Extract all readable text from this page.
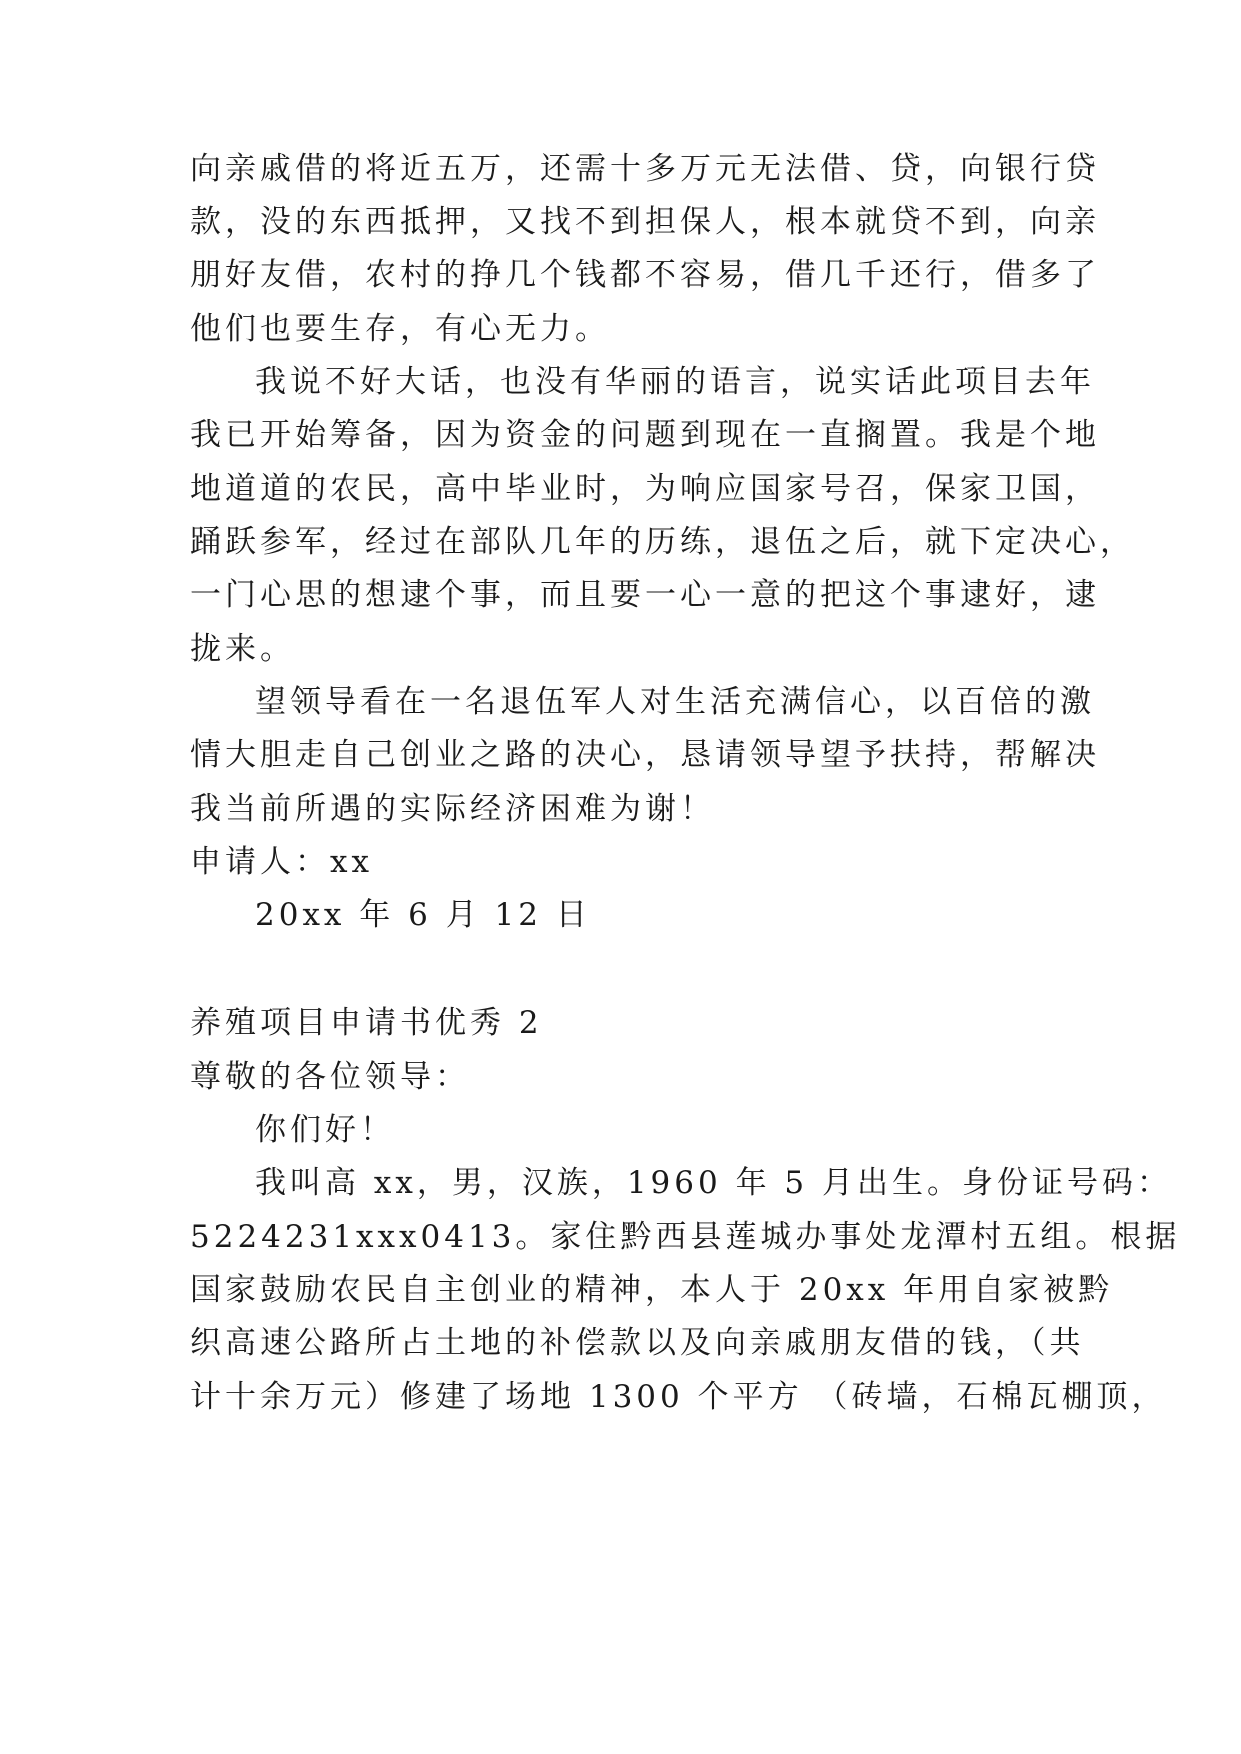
向亲戚借的将近五万，还需十多万元无法借、贷，向银行贷

款，没的东西抵押，又找不到担保人，根本就贷不到，向亲

朋好友借，农村的挣几个钱都不容易，借几千还行，借多了

他们也要生存，有心无力。

我说不好大话，也没有华丽的语言，说实话此项目去年

我已开始筹备，因为资金的问题到现在一直搁置。我是个地

地道道的农民，高中毕业时，为响应国家号召，保家卫国，

踊跃参军，经过在部队几年的历练，退伍之后，就下定决心，

一门心思的想逮个事，而且要一心一意的把这个事逮好，逮

拢来。

望领导看在一名退伍军人对生活充满信心，以百倍的激

情大胆走自己创业之路的决心，恳请领导望予扶持，帮解决

我当前所遇的实际经济困难为谢！

申请人：xx

20xx 年 6 月 12 日

养殖项目申请书优秀 2

尊敬的各位领导：

你们好！

我叫高 xx，男，汉族，1960 年 5 月出生。身份证号码：

5224231xxx0413。家住黔西县莲城办事处龙潭村五组。根据

国家鼓励农民自主创业的精神，本人于 20xx 年用自家被黔

织高速公路所占土地的补偿款以及向亲戚朋友借的钱，（共

计十余万元）修建了场地 1300 个平方 （砖墙，石棉瓦棚顶，
